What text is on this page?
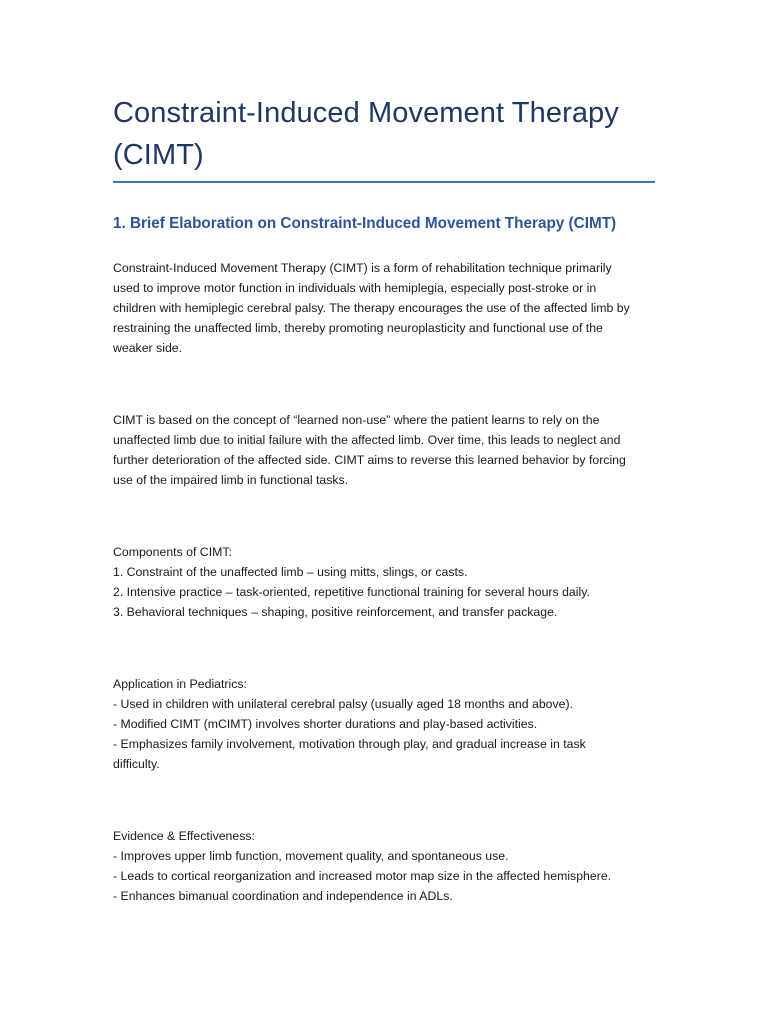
Constraint-Induced Movement Therapy
(CIMT)
1. Brief Elaboration on Constraint-Induced Movement Therapy (CIMT)

Constraint-Induced Movement Therapy (CIMT) is a form of rehabilitation technique primarily
used to improve motor function in individuals with hemiplegia, especially post-stroke or in
children with hemiplegic cerebral palsy. The therapy encourages the use of the affected limb by
restraining the unaffected limb, thereby promoting neuroplasticity and functional use of the
weaker side.

CIMT is based on the concept of “learned non-use” where the patient learns to rely on the
unaffected limb due to initial failure with the affected limb. Over time, this leads to neglect and
further deterioration of the affected side. CIMT aims to reverse this learned behavior by forcing
use of the impaired limb in functional tasks.

Components of CIMT:
1. Constraint of the unaffected limb – using mitts, slings, or casts.
2. Intensive practice – task-oriented, repetitive functional training for several hours daily.
3. Behavioral techniques – shaping, positive reinforcement, and transfer package.
Application in Pediatrics:
- Used in children with unilateral cerebral palsy (usually aged 18 months and above).
- Modified CIMT (mCIMT) involves shorter durations and play-based activities.
- Emphasizes family involvement, motivation through play, and gradual increase in task
difficulty.
Evidence & Effectiveness:
- Improves upper limb function, movement quality, and spontaneous use.
- Leads to cortical reorganization and increased motor map size in the affected hemisphere.
- Enhances bimanual coordination and independence in ADLs.
